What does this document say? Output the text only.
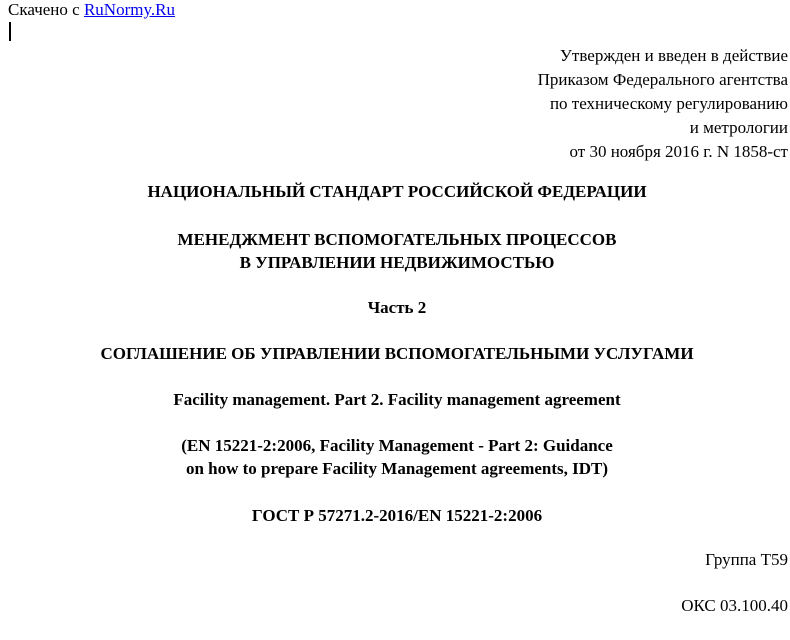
Скачено с RuNormy.Ru
Утвержден и введен в действие
Приказом Федерального агентства
по техническому регулированию
и метрологии
от 30 ноября 2016 г. N 1858-ст
НАЦИОНАЛЬНЫЙ СТАНДАРТ РОССИЙСКОЙ ФЕДЕРАЦИИ
МЕНЕДЖМЕНТ ВСПОМОГАТЕЛЬНЫХ ПРОЦЕССОВ
В УПРАВЛЕНИИ НЕДВИЖИМОСТЬЮ
Часть 2
СОГЛАШЕНИЕ ОБ УПРАВЛЕНИИ ВСПОМОГАТЕЛЬНЫМИ УСЛУГАМИ
Facility management. Part 2. Facility management agreement
(EN 15221-2:2006, Facility Management - Part 2: Guidance
on how to prepare Facility Management agreements, IDT)
ГОСТ Р 57271.2-2016/EN 15221-2:2006
Группа Т59
ОКС 03.100.40
